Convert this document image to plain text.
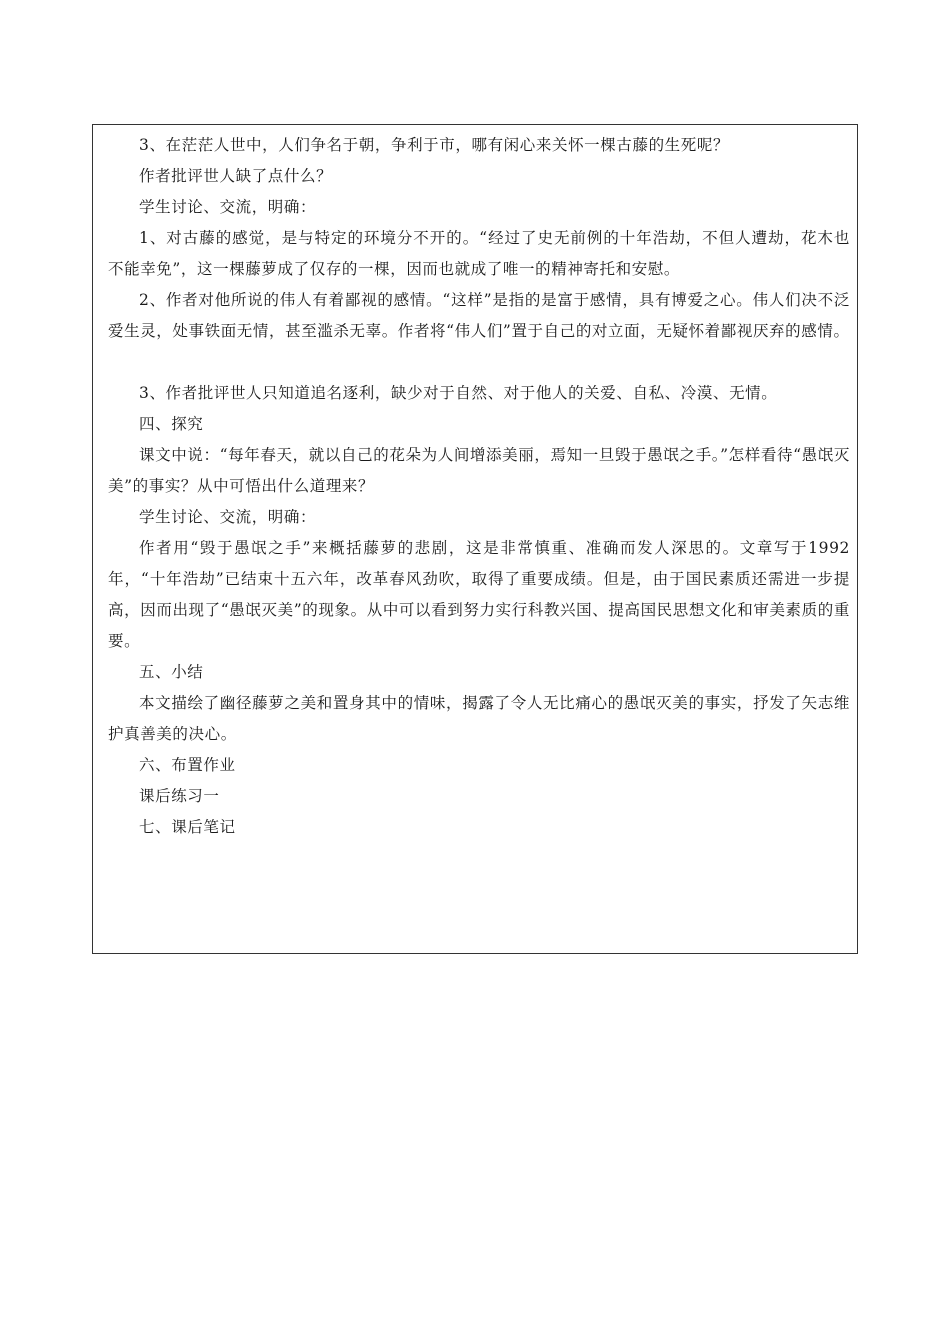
3、在茫茫人世中，人们争名于朝，争利于市，哪有闲心来关怀一棵古藤的生死呢？

作者批评世人缺了点什么？

学生讨论、交流，明确：

1、对古藤的感觉，是与特定的环境分不开的。“经过了史无前例的十年浩劫，不但人遭劫，花木也不能幸免”，这一棵藤萝成了仅存的一棵，因而也就成了唯一的精神寄托和安慰。

2、作者对他所说的伟人有着鄙视的感情。“这样”是指的是富于感情，具有博爱之心。伟人们决不泛爱生灵，处事铁面无情，甚至滥杀无辜。作者将“伟人们”置于自己的对立面，无疑怀着鄙视厌弃的感情。

3、作者批评世人只知道追名逐利，缺少对于自然、对于他人的关爱、自私、冷漠、无情。

四、探究

课文中说：“每年春天，就以自己的花朵为人间增添美丽，焉知一旦毁于愚氓之手。”怎样看待“愚氓灭美”的事实？从中可悟出什么道理来？

学生讨论、交流，明确：

作者用“毁于愚氓之手”来概括藤萝的悲剧，这是非常慎重、准确而发人深思的。文章写于1992年，“十年浩劫”已结束十五六年，改革春风劲吹，取得了重要成绩。但是，由于国民素质还需进一步提高，因而出现了“愚氓灭美”的现象。从中可以看到努力实行科教兴国、提高国民思想文化和审美素质的重要。

五、小结

本文描绘了幽径藤萝之美和置身其中的情味，揭露了令人无比痛心的愚氓灭美的事实，抒发了矢志维护真善美的决心。

六、布置作业

课后练习一

七、课后笔记
